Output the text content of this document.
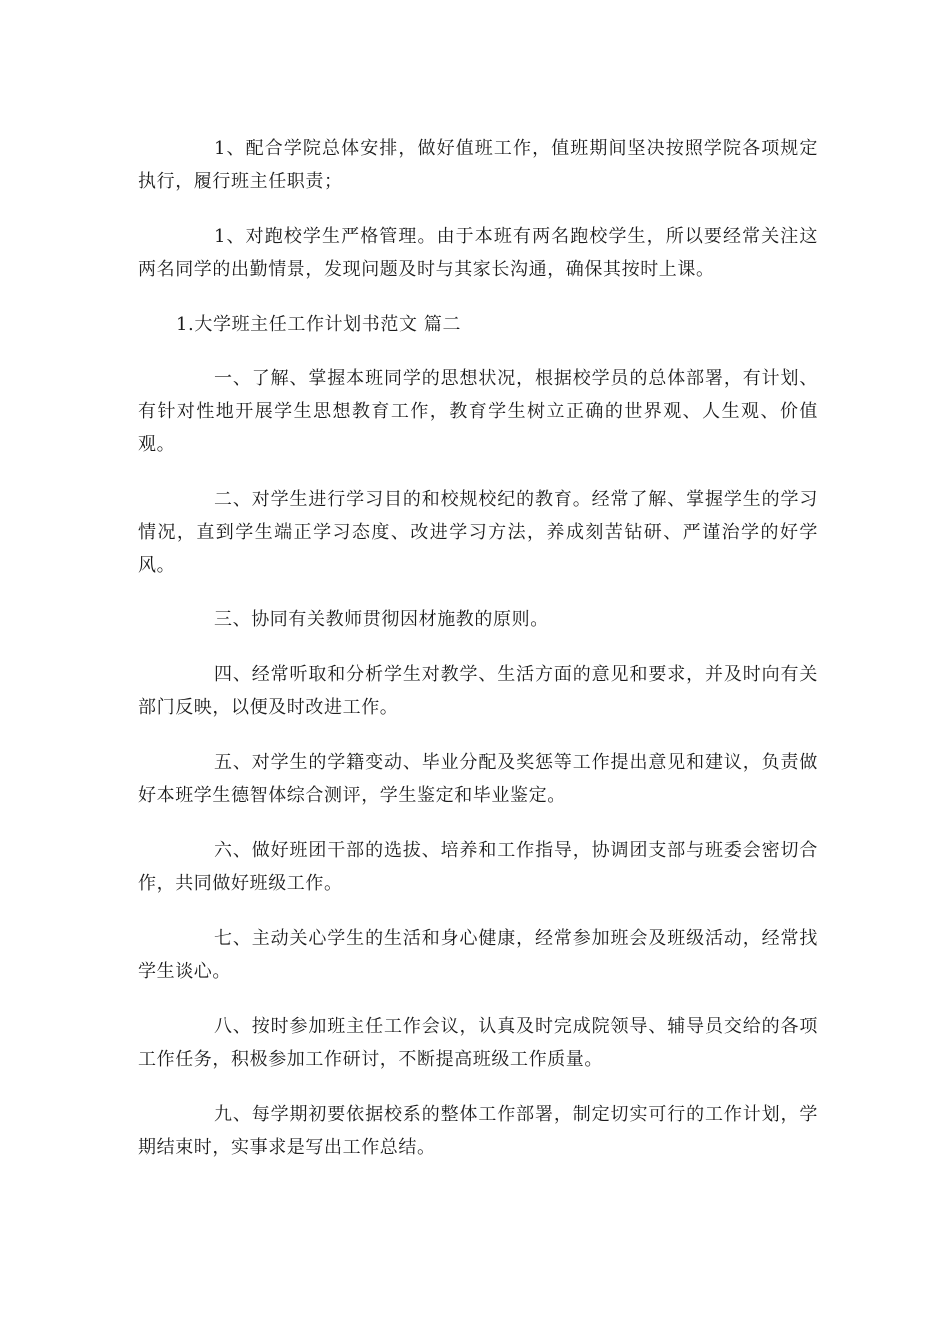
1、配合学院总体安排，做好值班工作，值班期间坚决按照学院各项规定执行，履行班主任职责；

1、对跑校学生严格管理。由于本班有两名跑校学生，所以要经常关注这两名同学的出勤情景，发现问题及时与其家长沟通，确保其按时上课。

1.大学班主任工作计划书范文 篇二

一、了解、掌握本班同学的思想状况，根据校学员的总体部署，有计划、有针对性地开展学生思想教育工作，教育学生树立正确的世界观、人生观、价值观。

二、对学生进行学习目的和校规校纪的教育。经常了解、掌握学生的学习情况，直到学生端正学习态度、改进学习方法，养成刻苦钻研、严谨治学的好学风。

三、协同有关教师贯彻因材施教的原则。

四、经常听取和分析学生对教学、生活方面的意见和要求，并及时向有关部门反映，以便及时改进工作。

五、对学生的学籍变动、毕业分配及奖惩等工作提出意见和建议，负责做好本班学生德智体综合测评，学生鉴定和毕业鉴定。

六、做好班团干部的选拔、培养和工作指导，协调团支部与班委会密切合作，共同做好班级工作。

七、主动关心学生的生活和身心健康，经常参加班会及班级活动，经常找学生谈心。

八、按时参加班主任工作会议，认真及时完成院领导、辅导员交给的各项工作任务，积极参加工作研讨，不断提高班级工作质量。

九、每学期初要依据校系的整体工作部署，制定切实可行的工作计划，学期结束时，实事求是写出工作总结。
